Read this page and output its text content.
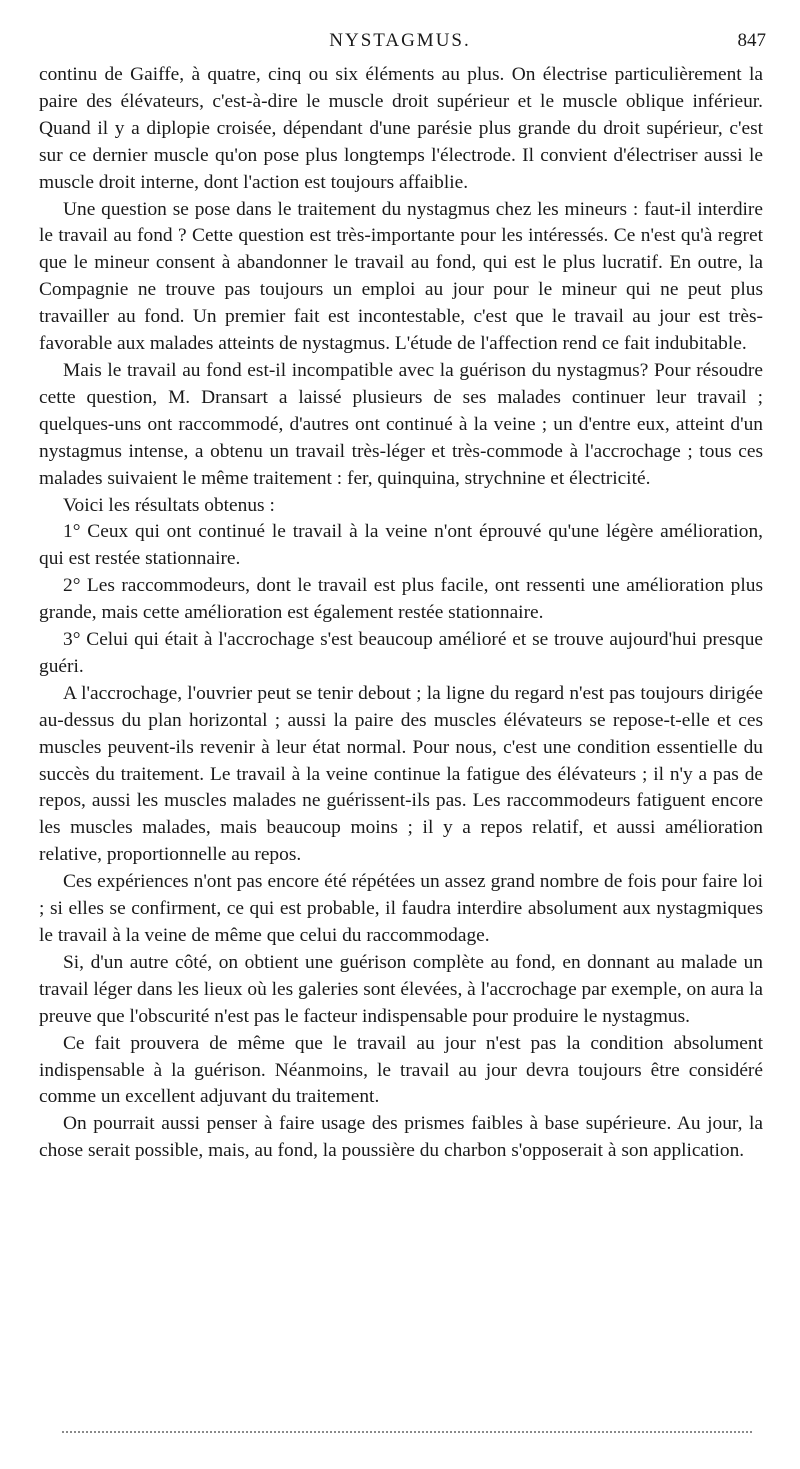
NYSTAGMUS.	847

continu de Gaiffe, à quatre, cinq ou six éléments au plus. On électrise particulièrement la paire des élévateurs, c'est-à-dire le muscle droit supérieur et le muscle oblique inférieur. Quand il y a diplopie croisée, dépendant d'une parésie plus grande du droit supérieur, c'est sur ce dernier muscle qu'on pose plus longtemps l'électrode. Il convient d'électriser aussi le muscle droit interne, dont l'action est toujours affaiblie.

Une question se pose dans le traitement du nystagmus chez les mineurs : faut-il interdire le travail au fond ? Cette question est très-importante pour les intéressés. Ce n'est qu'à regret que le mineur consent à abandonner le travail au fond, qui est le plus lucratif. En outre, la Compagnie ne trouve pas toujours un emploi au jour pour le mineur qui ne peut plus travailler au fond. Un premier fait est incontestable, c'est que le travail au jour est très-favorable aux malades atteints de nystagmus. L'étude de l'affection rend ce fait indubitable.

Mais le travail au fond est-il incompatible avec la guérison du nystagmus? Pour résoudre cette question, M. Dransart a laissé plusieurs de ses malades continuer leur travail ; quelques-uns ont raccommodé, d'autres ont continué à la veine ; un d'entre eux, atteint d'un nystagmus intense, a obtenu un travail très-léger et très-commode à l'accrochage ; tous ces malades suivaient le même traitement : fer, quinquina, strychnine et électricité.

Voici les résultats obtenus :

1° Ceux qui ont continué le travail à la veine n'ont éprouvé qu'une légère amélioration, qui est restée stationnaire.

2° Les raccommodeurs, dont le travail est plus facile, ont ressenti une amélioration plus grande, mais cette amélioration est également restée stationnaire.

3° Celui qui était à l'accrochage s'est beaucoup amélioré et se trouve aujourd'hui presque guéri.

A l'accrochage, l'ouvrier peut se tenir debout ; la ligne du regard n'est pas toujours dirigée au-dessus du plan horizontal ; aussi la paire des muscles élévateurs se repose-t-elle et ces muscles peuvent-ils revenir à leur état normal. Pour nous, c'est une condition essentielle du succès du traitement. Le travail à la veine continue la fatigue des élévateurs ; il n'y a pas de repos, aussi les muscles malades ne guérissent-ils pas. Les raccommodeurs fatiguent encore les muscles malades, mais beaucoup moins ; il y a repos relatif, et aussi amélioration relative, proportionnelle au repos.

Ces expériences n'ont pas encore été répétées un assez grand nombre de fois pour faire loi ; si elles se confirment, ce qui est probable, il faudra interdire absolument aux nystagmiques le travail à la veine de même que celui du raccommodage.

Si, d'un autre côté, on obtient une guérison complète au fond, en donnant au malade un travail léger dans les lieux où les galeries sont élevées, à l'accrochage par exemple, on aura la preuve que l'obscurité n'est pas le facteur indispensable pour produire le nystagmus.

Ce fait prouvera de même que le travail au jour n'est pas la condition absolument indispensable à la guérison. Néanmoins, le travail au jour devra toujours être considéré comme un excellent adjuvant du traitement.

On pourrait aussi penser à faire usage des prismes faibles à base supérieure. Au jour, la chose serait possible, mais, au fond, la poussière du charbon s'opposerait à son application.
